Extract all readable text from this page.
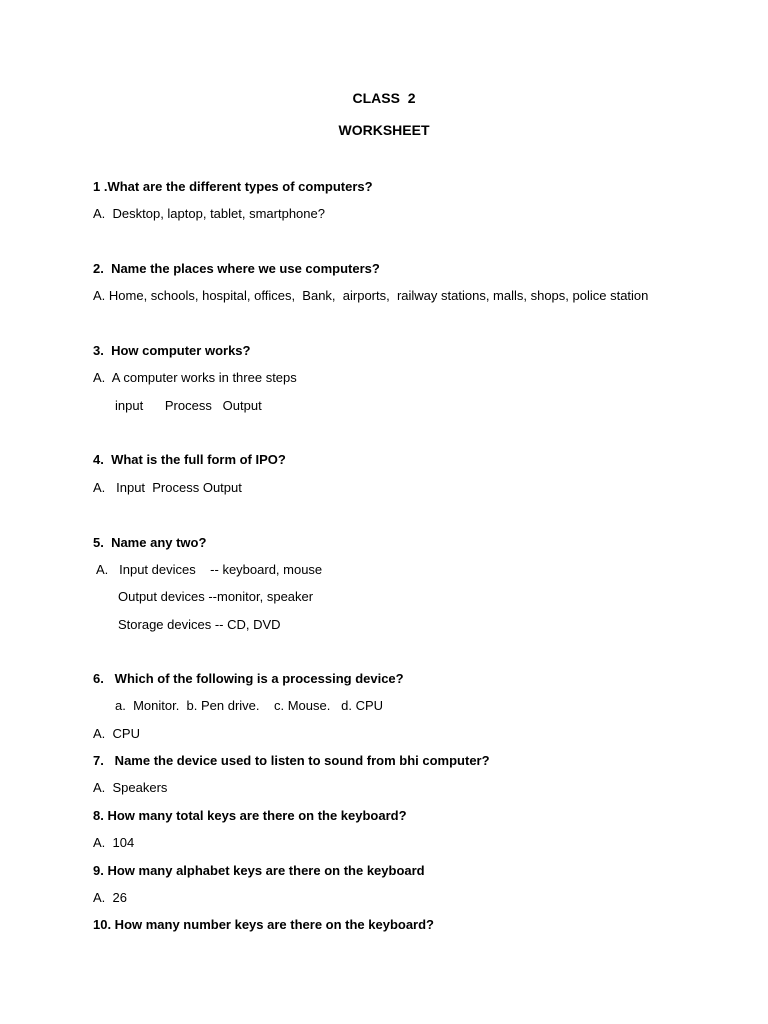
CLASS  2
WORKSHEET
1 .What are the different types of computers?
A.  Desktop, laptop, tablet, smartphone?
2.  Name the places where we use computers?
A. Home, schools, hospital, offices,  Bank,  airports,  railway stations, malls, shops, police station
3.  How computer works?
A.  A computer works in three steps
input      Process   Output
4.  What is the full form of IPO?
A.   Input  Process Output
5.  Name any two?
A.   Input devices    -- keyboard, mouse
Output devices --monitor, speaker
Storage devices -- CD, DVD
6.   Which of the following is a processing device?
a.  Monitor.  b. Pen drive.    c. Mouse.   d. CPU
A.  CPU
7.   Name the device used to listen to sound from bhi computer?
A.  Speakers
8. How many total keys are there on the keyboard?
A.  104
9. How many alphabet keys are there on the keyboard
A.  26
10. How many number keys are there on the keyboard?
